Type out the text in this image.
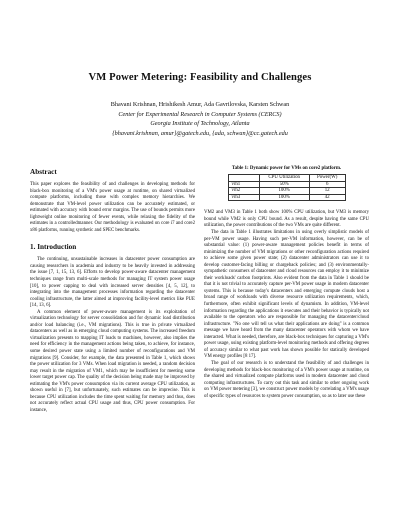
VM Power Metering: Feasibility and Challenges
Bhavani Krishnan, Hrishikesh Amur, Ada Gavrilovska, Karsten Schwan
Center for Experimental Research in Computer Systems (CERCS)
Georgia Institute of Technology, Atlanta
{bhavani.krishnan, amur}@gatech.edu, {ada, schwan}@cc.gatech.edu
Abstract

This paper explores the feasibility of and challenges in developing methods for black-box monitoring of a VM's power usage at runtime, on shared virtualized compute platforms, including those with complex memory hierarchies. We demonstrate that VM-level power utilization can be accurately estimated, or estimated with accuracy with bound error margins. The use of bounds permits more lightweight online monitoring of fewer events, while relaxing the fidelity of the estimates in a controlledmanner. Our methodology is evaluated on core i7 and core2 x86 platforms, running synthetic and SPEC benchmarks.

1. Introduction

The continuing, unsustainable increases in datacenter power consumption are causing researchers in academia and industry to be heavily invested in addressing the issue [7, 1, 15, 13, 6]. Efforts to develop power-aware datacenter management techniques range from multi-scale methods for managing IT system power usage [10], to power capping to deal with increased server densities [4, 5, 12], to integrating into the management processes information regarding the datacenter cooling infrastructure, the latter aimed at improving facility-level metrics like PUE [14, 13, 6].

A common element of power-aware management is its exploitation of virtualization technology for server consolidation and for dynamic load distribution and/or load balancing (i.e., VM migrations). This is true in private virtualized datacenters as well as in emerging cloud computing systems. The increased freedom virtualization presents to mapping IT loads to machines, however, also implies the need for efficiency in the management actions being taken, to achieve, for instance, some desired power state using a limited number of reconfigurations and VM migrations [9]. Consider, for example, the data presented in Table 1, which shows the power utilization for 3 VMs. When load migration is needed, a random decision may result in the migration of VM1, which may be insufficient for meeting some lower target power cap. The quality of the decision being made may be improved by estimating the VM's power consumption via its current average CPU utilization, as shown useful in [7], but unfortunately, such estimates can be imprecise. This is because CPU utilization includes the time spent waiting for memory and thus, does not accurately reflect actual CPU usage and thus, CPU power consumption. For instance,

Table 1: Dynamic power for VMs on core2 platform.
	CPU Utilization	Power(W)
vm1	50%	6
vm2	100%	12
vm3	100%	42

VM2 and VM3 in Table 1 both show 100% CPU utilization, but VM3 is memory bound while VM2 is only CPU bound. As a result, despite having the same CPU utilization, the power contributions of the two VMs are quite different.

The data in Table 1 illustrates limitations in using overly simplistic models of per-VM power usage. Having such per-VM information, however, can be of substantial value: (1) power-aware management policies benefit in terms of minimizing the number of VM migrations or other reconfiguration actions required to achieve some given power state; (2) datacenter administrators can use it to develop customer-facing billing or chargeback policies; and (3) environmentally-sympathetic consumers of datacenter and cloud resources can employ it to minimize their workloads' carbon footprints. Also evident from the data in Table 1 should be that it is not trivial to accurately capture per-VM power usage in modern datacenter systems. This is because today's datacenters and emerging compute clouds host a broad range of workloads with diverse resource utilization requirements, which, furthermore, often exhibit significant levels of dynamism. In addition, VM-level information regarding the applications it executes and their behavior is typically not available to the operators who are responsible for managing the datacenter/cloud infrastructure. "No one will tell us what their applications are doing" is a common message we have heard from the many datacenter operators with whom we have interacted. What is needed, therefore, are black-box techniques for capturing a VM's power usage, using existing platform-level monitoring methods and offering degrees of accuracy similar to what past work has shown possible for statically developed VM energy profiles [8 17].

The goal of our research is to understand the feasibility of and challenges in developing methods for black-box monitoring of a VM's power usage at runtime, on the shared and virtualized compute platforms used in modern datacenter and cloud computing infrastructures. To carry out this task and similar to other ongoing work on VM power metering [3], we construct power models by correlating a VM's usage of specific types of resources to system power consumption, so as to later use these
